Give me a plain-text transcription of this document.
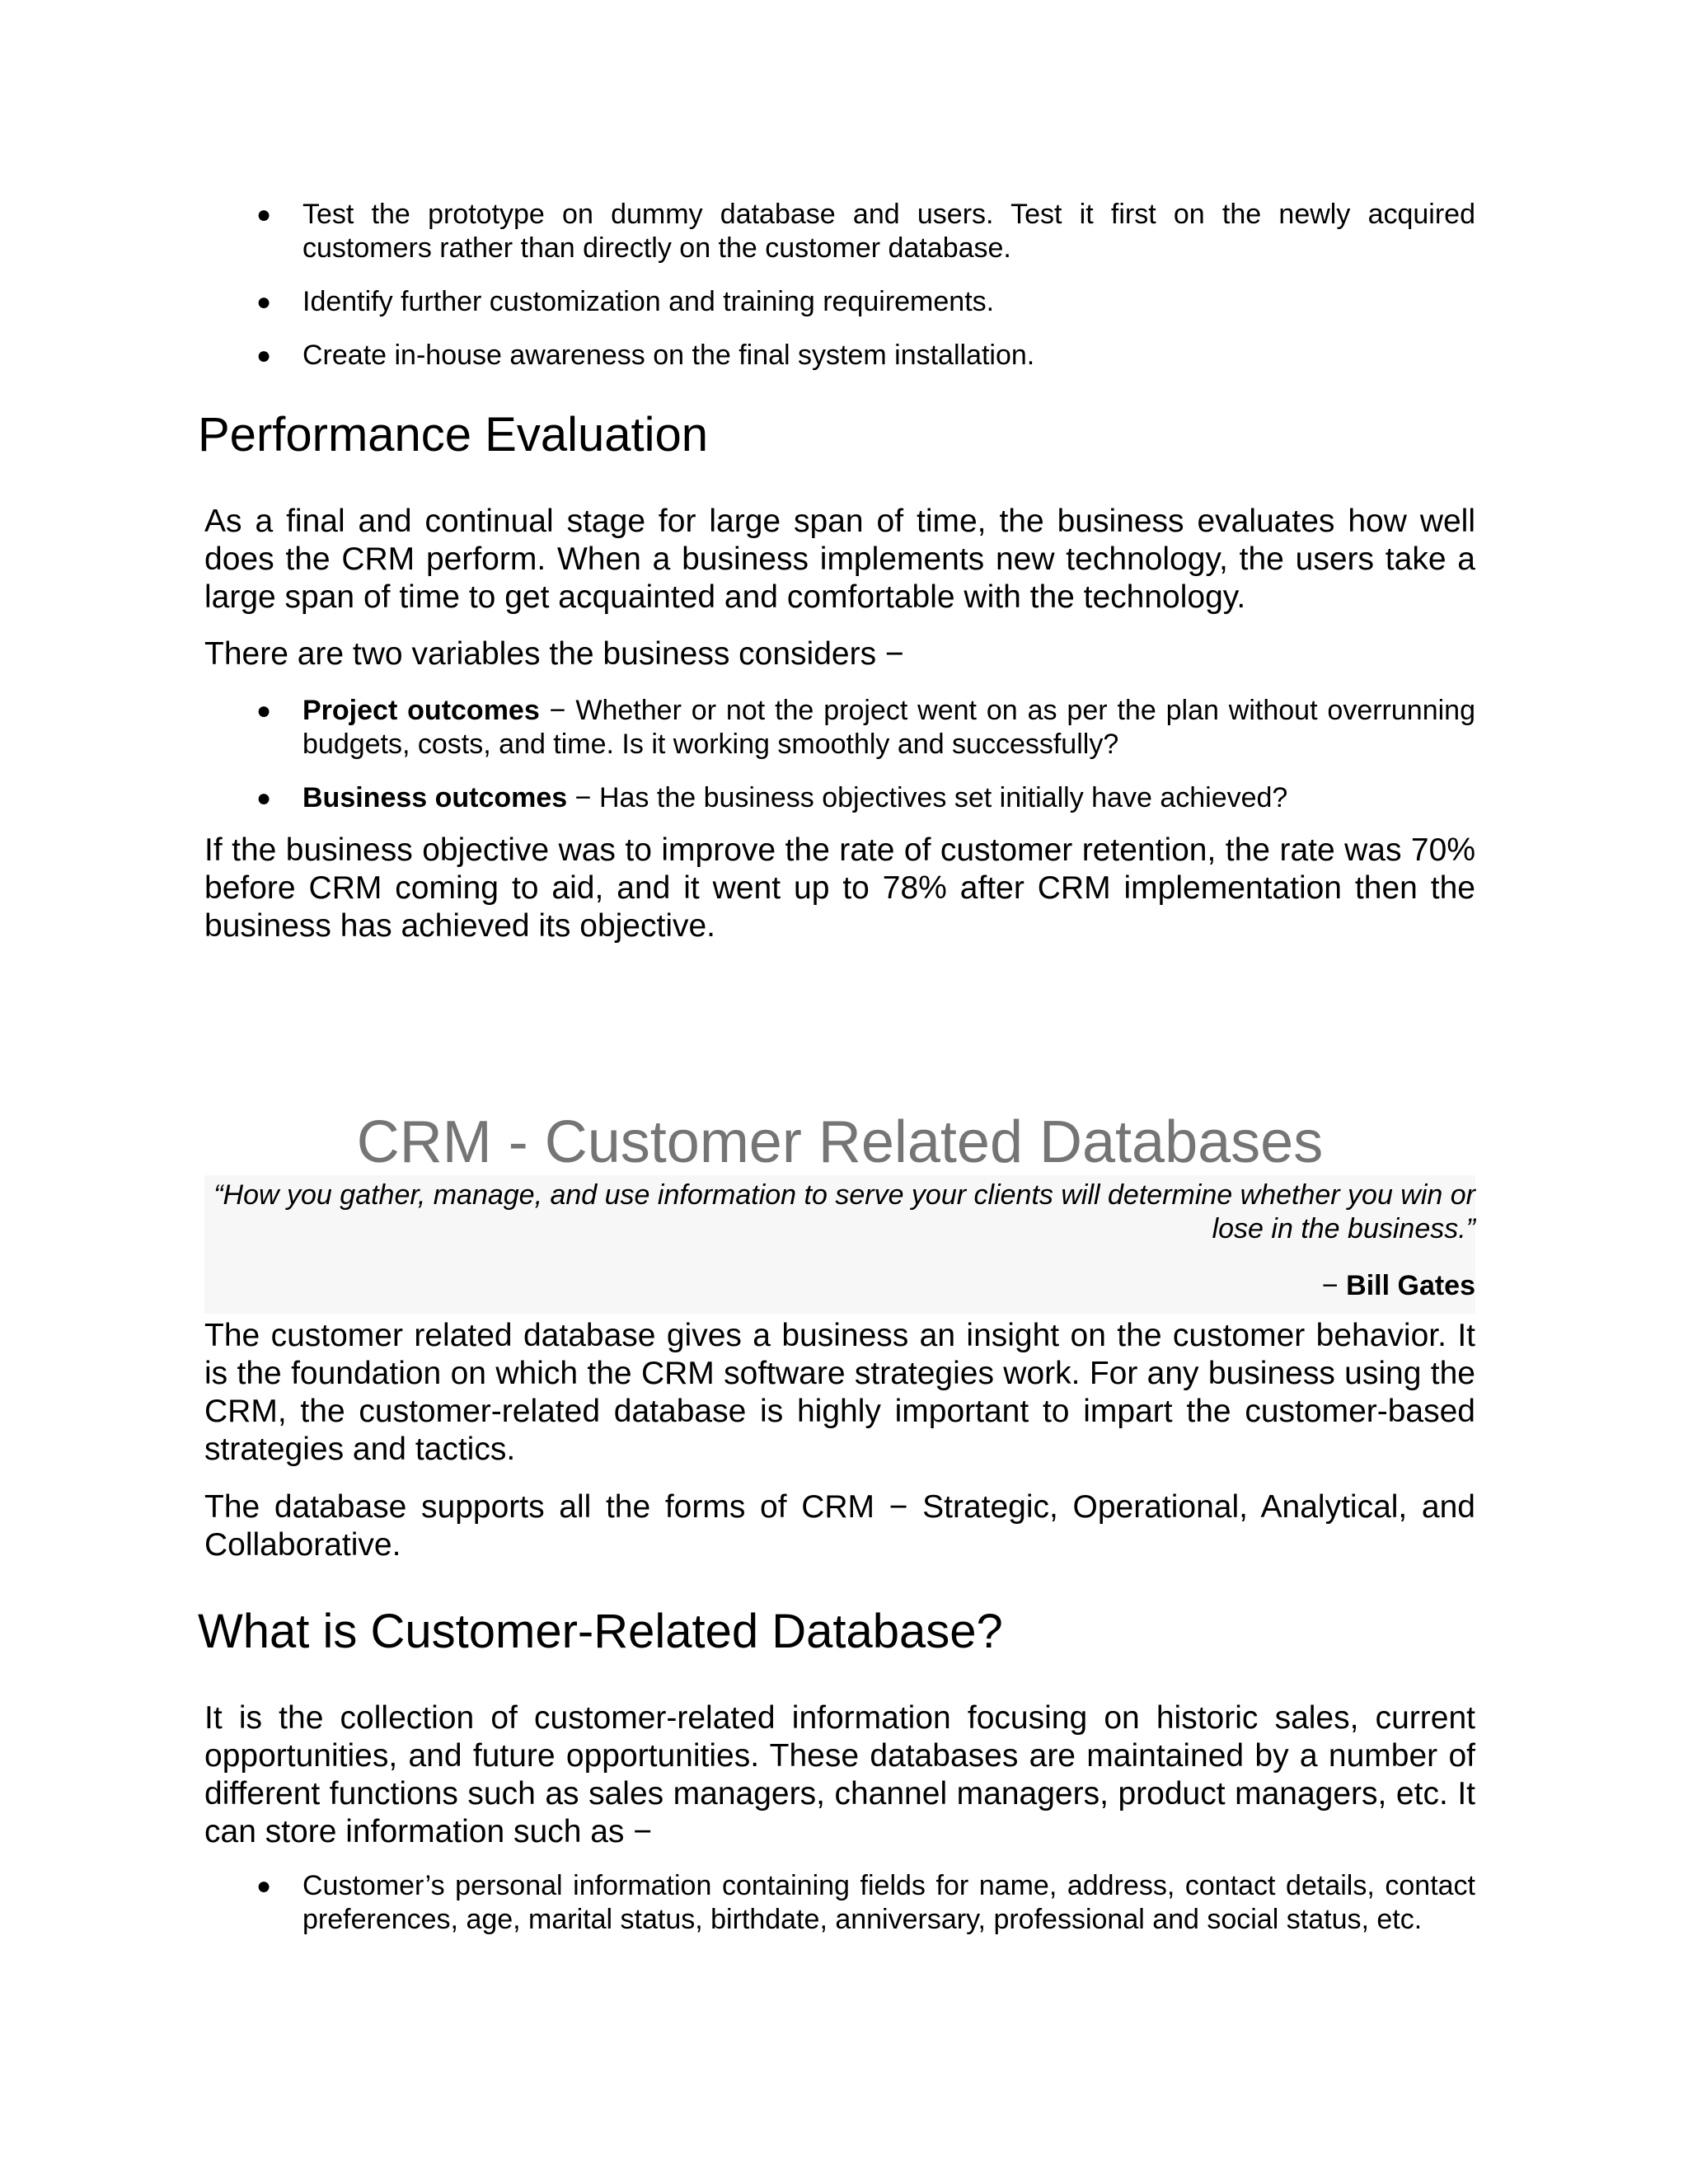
● Test the prototype on dummy database and users. Test it first on the newly acquired customers rather than directly on the customer database.
● Identify further customization and training requirements.
● Create in-house awareness on the final system installation.
Performance Evaluation

As a final and continual stage for large span of time, the business evaluates how well does the CRM perform. When a business implements new technology, the users take a large span of time to get acquainted and comfortable with the technology.

There are two variables the business considers −

● Project outcomes − Whether or not the project went on as per the plan without overrunning budgets, costs, and time. Is it working smoothly and successfully?
● Business outcomes − Has the business objectives set initially have achieved?

If the business objective was to improve the rate of customer retention, the rate was 70% before CRM coming to aid, and it went up to 78% after CRM implementation then the business has achieved its objective.

CRM - Customer Related Databases

“How you gather, manage, and use information to serve your clients will determine whether you win or lose in the business.”

− Bill Gates

The customer related database gives a business an insight on the customer behavior. It is the foundation on which the CRM software strategies work. For any business using the CRM, the customer-related database is highly important to impart the customer-based strategies and tactics.

The database supports all the forms of CRM − Strategic, Operational, Analytical, and Collaborative.

What is Customer-Related Database?

It is the collection of customer-related information focusing on historic sales, current opportunities, and future opportunities. These databases are maintained by a number of different functions such as sales managers, channel managers, product managers, etc. It can store information such as −

● Customer’s personal information containing fields for name, address, contact details, contact preferences, age, marital status, birthdate, anniversary, professional and social status, etc.
